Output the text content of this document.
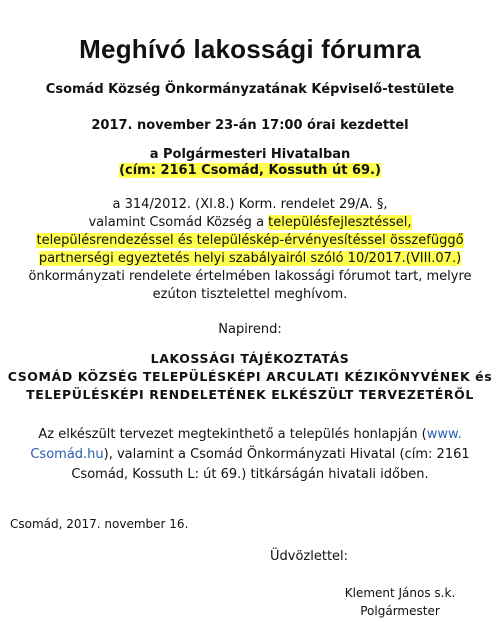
Meghívó lakossági fórumra
Csomád Község Önkormányzatának Képviselő-testülete
2017. november 23-án 17:00 órai kezdettel
a Polgármesteri Hivatalban
(cím: 2161 Csomád, Kossuth út 69.)
a 314/2012. (XI.8.) Korm. rendelet 29/A. §,
valamint Csomád Község a településfejlesztéssel, településrendezéssel és településkép-érvényesítéssel összefüggő partnerségi egyeztetés helyi szabályairól szóló 10/2017.(VIII.07.) önkormányzati rendelete értelmében lakossági fórumot tart, melyre ezúton tisztelettel meghívom.
Napirend:
LAKOSSÁGI TÁJÉKOZTATÁS
CSOMÁD KÖZSÉG TELEPÜLÉSKÉPI ARCULATI KÉZIKÖNYVÉNEK és
TELEPÜLÉSKÉPI RENDELETÉNEK ELKÉSZÜLT TERVEZETÉRŐL
Az elkészült tervezet megtekinthető a település honlapján (www. Csomád.hu), valamint a Csomád Önkormányzati Hivatal (cím: 2161 Csomád, Kossuth L: út 69.) titkárságán hivatali időben.
Csomád, 2017. november 16.
Üdvözlettel:
Klement János s.k.
Polgármester
